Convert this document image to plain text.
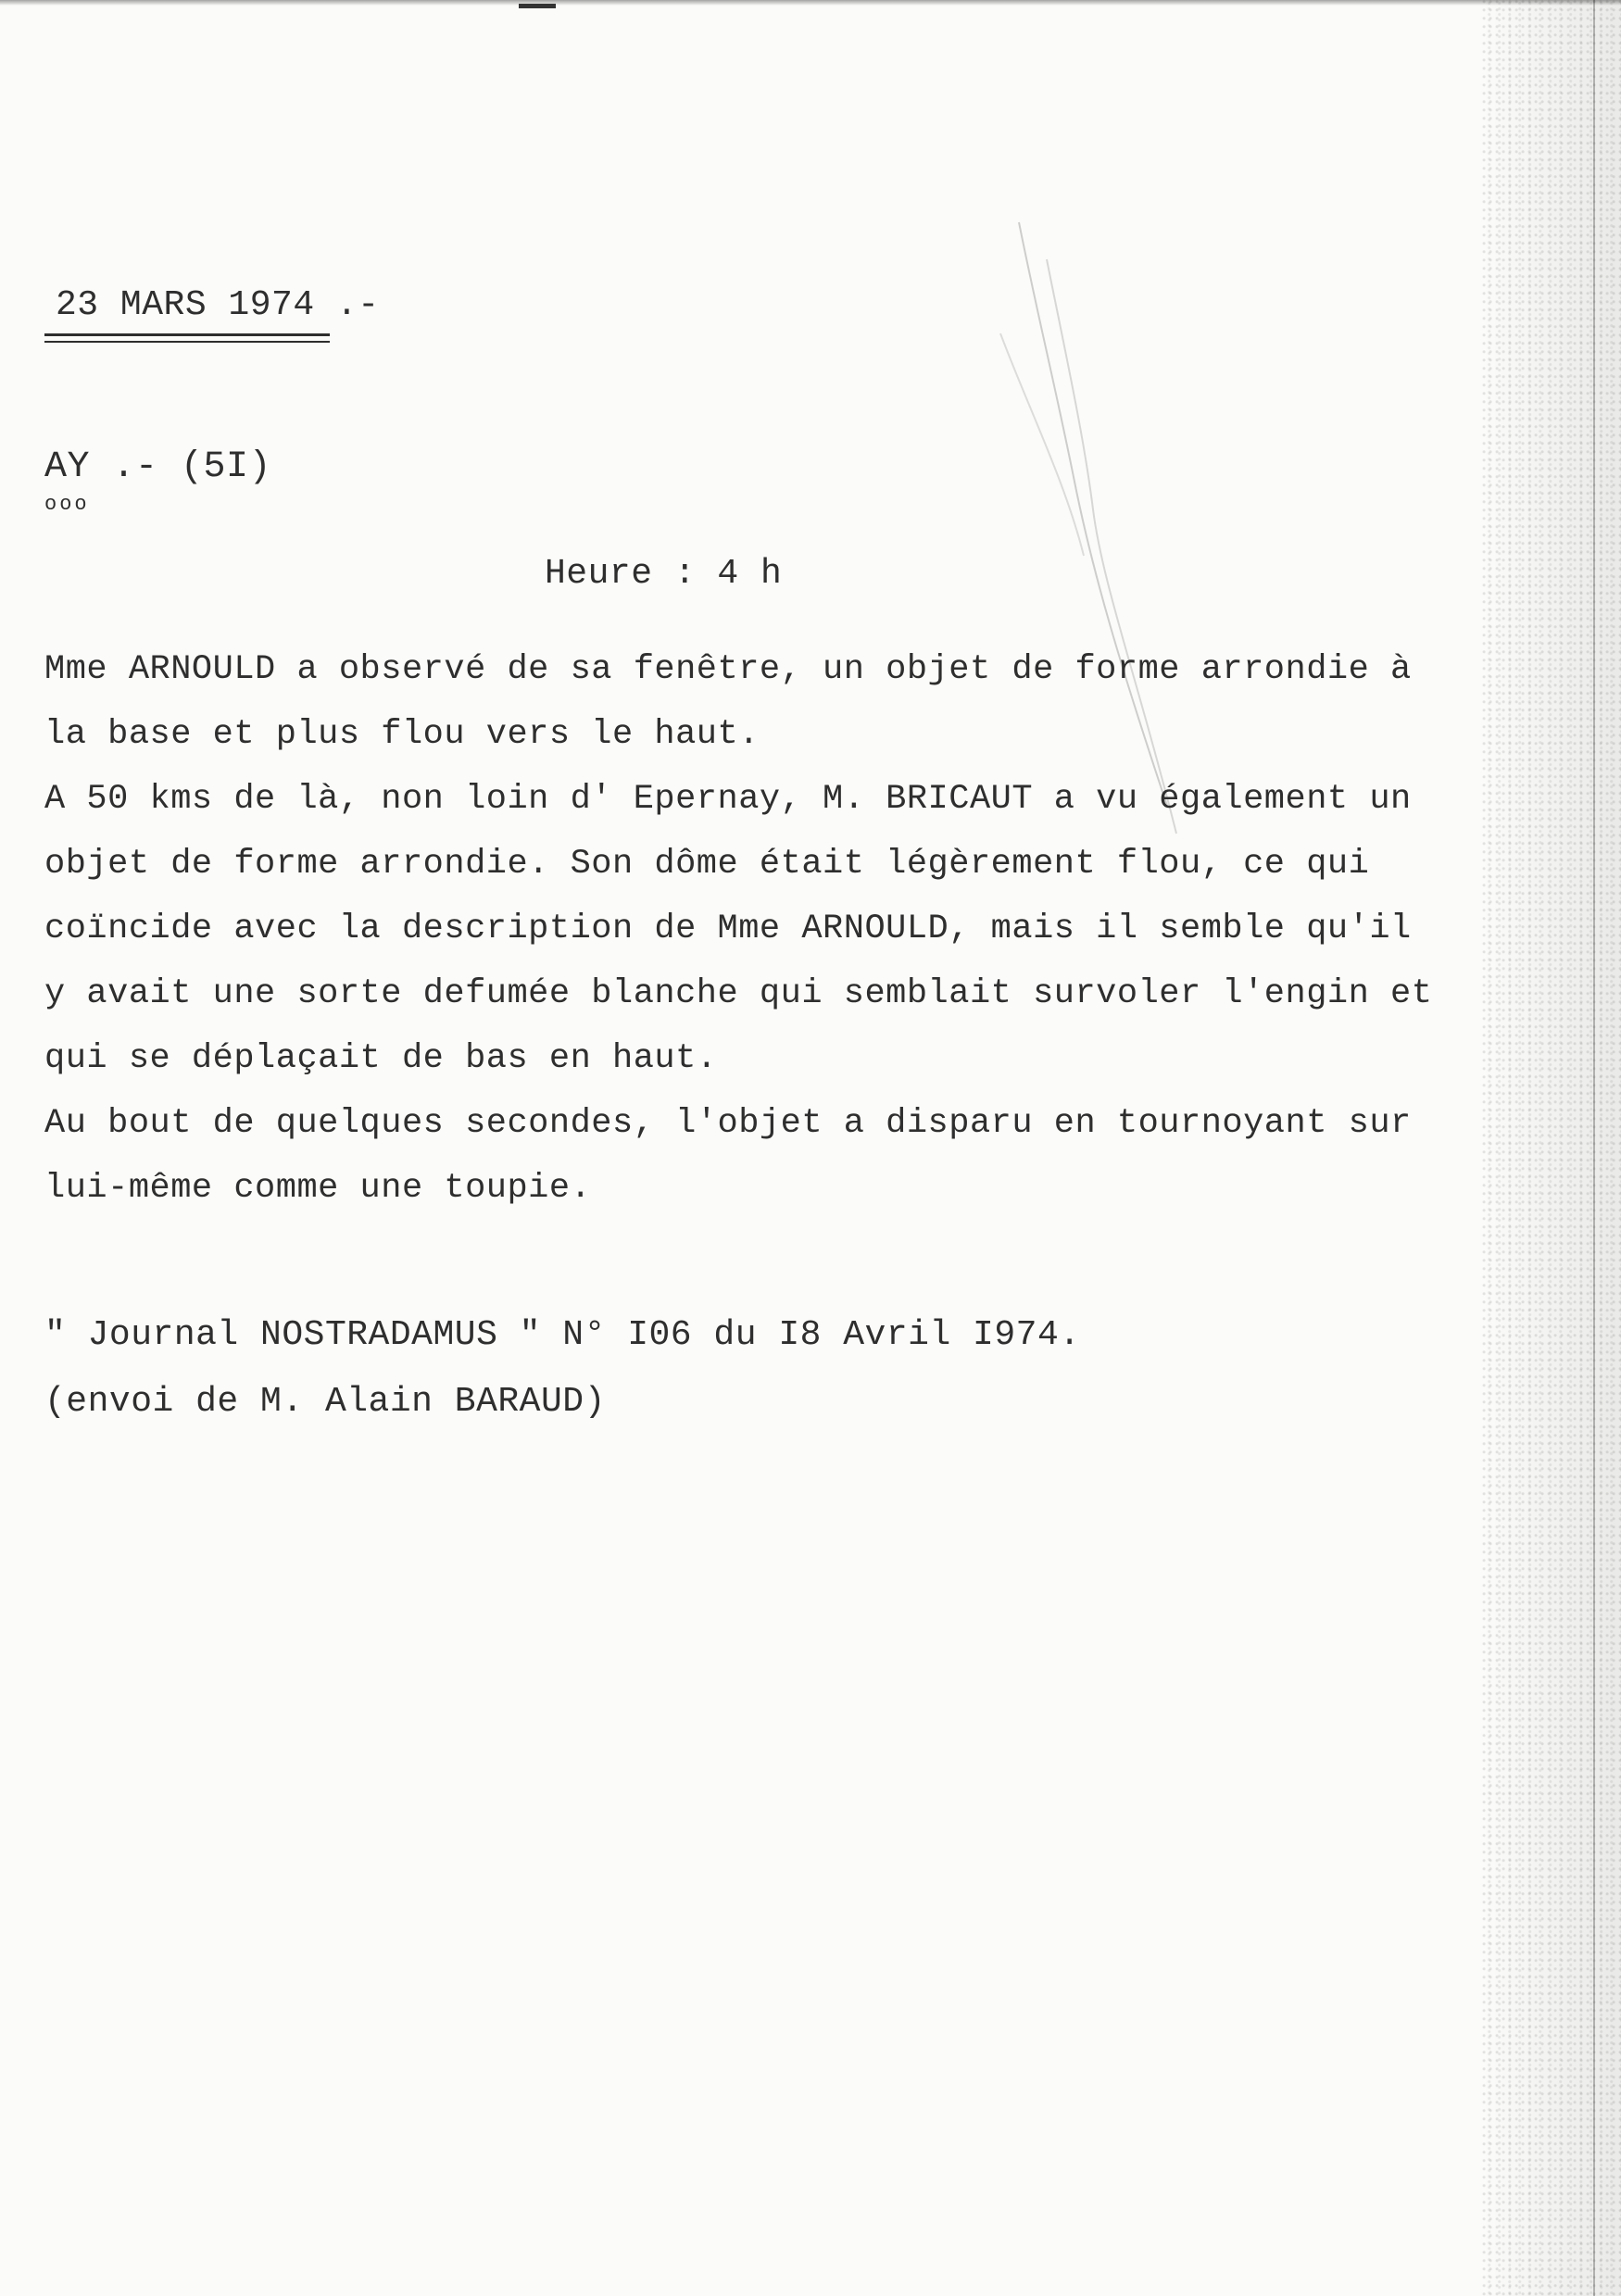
23 MARS 1974 .-
AY .- (5I)
ooo
Heure : 4 h
Mme ARNOULD a observé de sa fenêtre, un objet de forme arrondie à
la base et plus flou vers le haut.
A 50 kms de là, non loin d' Epernay, M. BRICAUT a vu également un
objet de forme arrondie. Son dôme était légèrement flou, ce qui
coïncide avec la description de Mme ARNOULD, mais il semble qu'il
y avait une sorte defumée blanche qui semblait survoler l'engin et
qui se déplaçait de bas en haut.
Au bout de quelques secondes, l'objet a disparu en tournoyant sur
lui-même comme une toupie.
" Journal NOSTRADAMUS " N° I06 du I8 Avril I974.
(envoi de M. Alain BARAUD)
